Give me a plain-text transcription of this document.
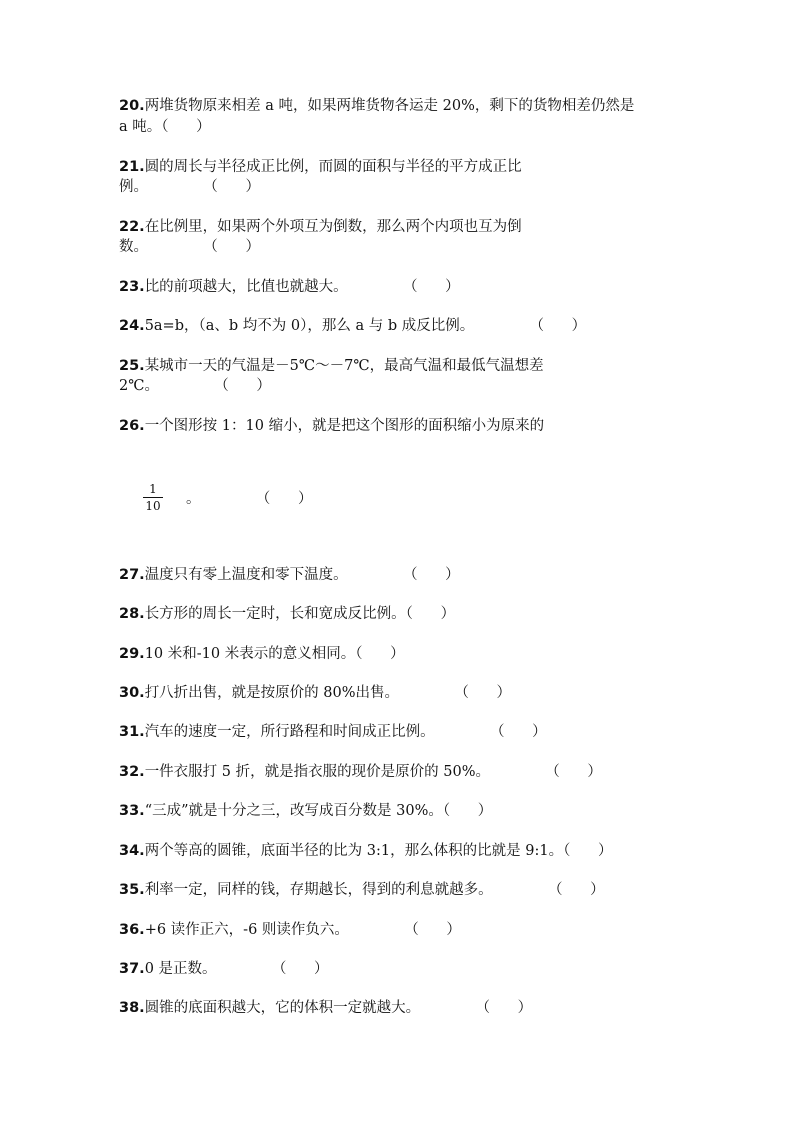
20.两堆货物原来相差 a 吨，如果两堆货物各运走 20%，剩下的货物相差仍然是
a 吨。（      ）
21.圆的周长与半径成正比例，而圆的面积与半径的平方成正比
例。            （      ）
22.在比例里，如果两个外项互为倒数，那么两个内项也互为倒
数。            （      ）
23.比的前项越大，比值也就越大。            （      ）
24.5a=b，（a、b 均不为 0），那么 a 与 b 成反比例。            （      ）
25.某城市一天的气温是－5℃～－7℃，最高气温和最低气温想差
2℃。            （      ）
26.一个图形按 1：10 缩小，就是把这个图形的面积缩小为原来的
1
10 。            （      ）
27.温度只有零上温度和零下温度。            （      ）
28.长方形的周长一定时，长和宽成反比例。（      ）
29.10 米和-10 米表示的意义相同。（      ）
30.打八折出售，就是按原价的 80%出售。            （      ）
31.汽车的速度一定，所行路程和时间成正比例。            （      ）
32.一件衣服打 5 折，就是指衣服的现价是原价的 50%。            （      ）
33.“三成”就是十分之三，改写成百分数是 30%。（      ）
34.两个等高的圆锥，底面半径的比为 3:1，那么体积的比就是 9:1。（      ）
35.利率一定，同样的钱，存期越长，得到的利息就越多。            （      ）
36.+6 读作正六，-6 则读作负六。            （      ）
37.0 是正数。            （      ）
38.圆锥的底面积越大，它的体积一定就越大。            （      ）
